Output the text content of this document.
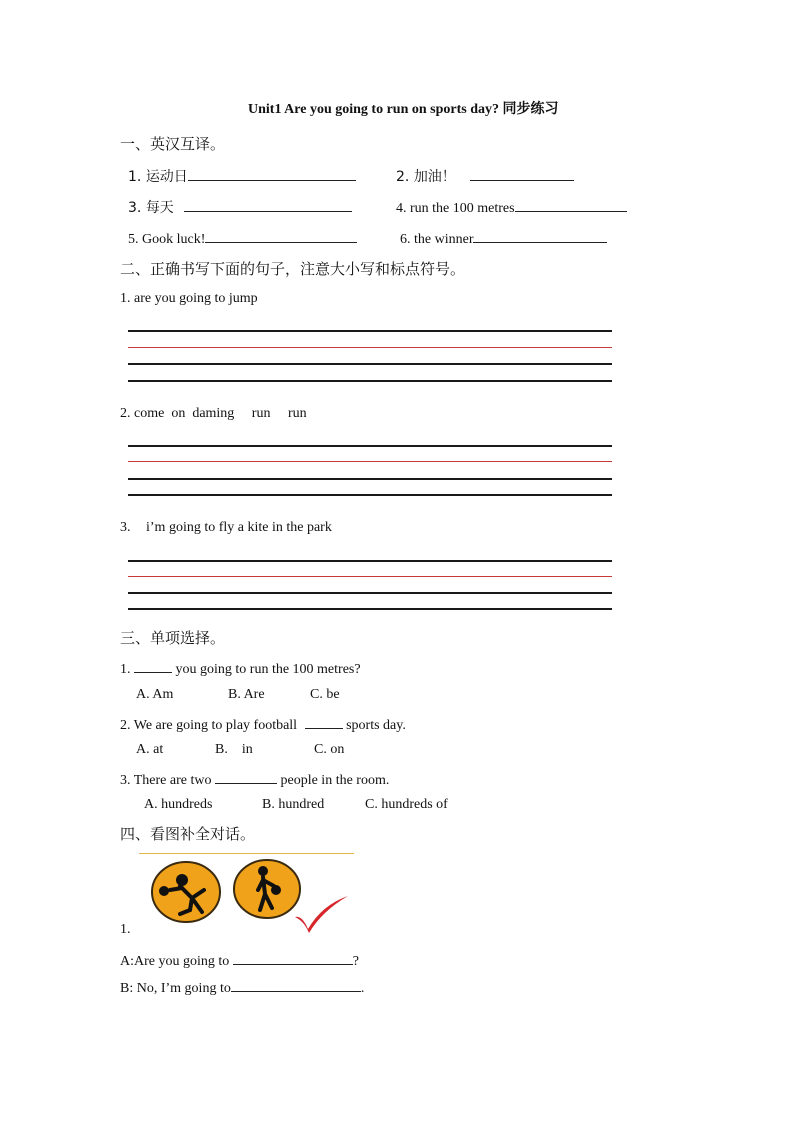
Unit1 Are you going to run on sports day? 同步练习
一、英汉互译。
1. 运动日	2. 加油！
3. 每天	4. run the 100 metres
5. Gook luck!	6. the winner
二、正确书写下面的句子，注意大小写和标点符号。
1. are you going to jump
2. come  on  daming     run     run
3. i’m going to fly a kite in the park
三、单项选择。
1.	you going to run the 100 metres?
A. Am	B. Are	C. be
2. We are going to play football	sports day.
A. at	B.    in	C. on
3. There are two	people in the room.
A. hundreds	B. hundred	C. hundreds of
四、看图补全对话。
1.
A:Are you going to	?
B: No, I’m going to	.
